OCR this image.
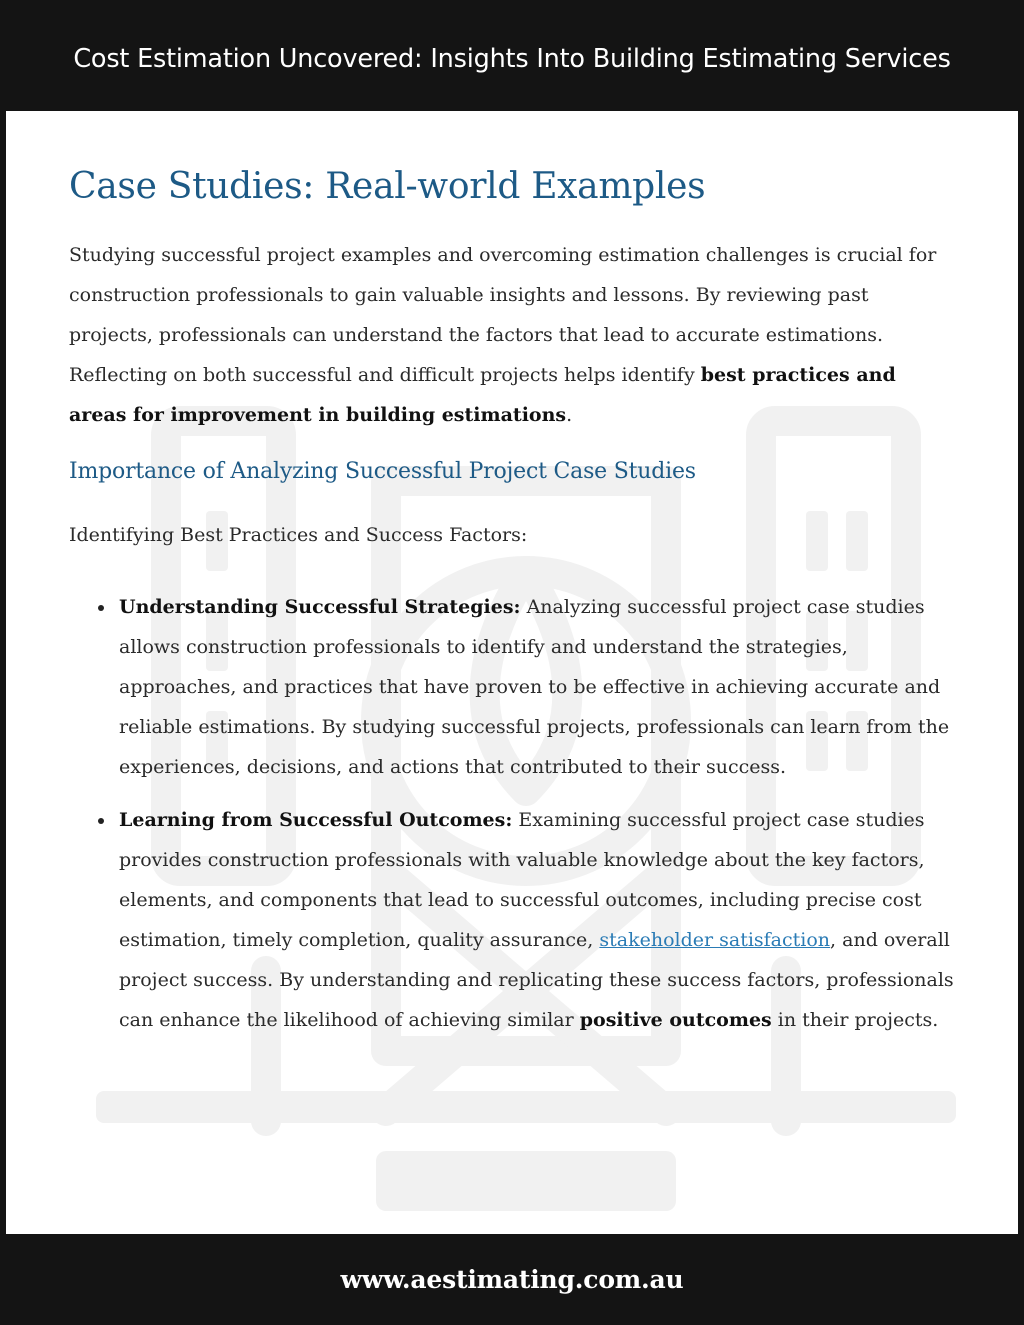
Cost Estimation Uncovered: Insights Into Building Estimating Services
Case Studies: Real-world Examples

Studying successful project examples and overcoming estimation challenges is crucial for construction professionals to gain valuable insights and lessons. By reviewing past projects, professionals can understand the factors that lead to accurate estimations. Reflecting on both successful and difficult projects helps identify best practices and areas for improvement in building estimations.

Importance of Analyzing Successful Project Case Studies

Identifying Best Practices and Success Factors:

Understanding Successful Strategies: Analyzing successful project case studies allows construction professionals to identify and understand the strategies, approaches, and practices that have proven to be effective in achieving accurate and reliable estimations. By studying successful projects, professionals can learn from the experiences, decisions, and actions that contributed to their success.
Learning from Successful Outcomes: Examining successful project case studies provides construction professionals with valuable knowledge about the key factors, elements, and components that lead to successful outcomes, including precise cost estimation, timely completion, quality assurance, stakeholder satisfaction, and overall project success. By understanding and replicating these success factors, professionals can enhance the likelihood of achieving similar positive outcomes in their projects.
www.aestimating.com.au
